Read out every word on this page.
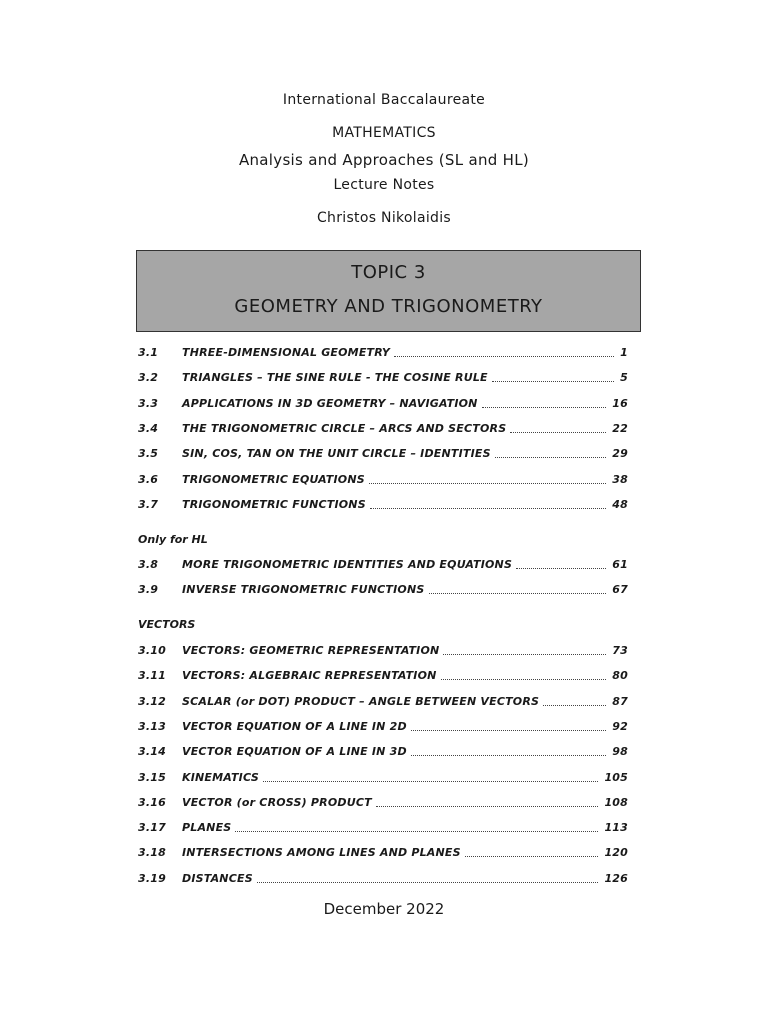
International Baccalaureate
MATHEMATICS
Analysis and Approaches (SL and HL)
Lecture Notes
Christos Nikolaidis
TOPIC 3
GEOMETRY AND TRIGONOMETRY
3.1 THREE-DIMENSIONAL GEOMETRY	1
3.2 TRIANGLES – THE SINE RULE - THE COSINE RULE	5
3.3 APPLICATIONS IN 3D GEOMETRY – NAVIGATION	16
3.4 THE TRIGONOMETRIC CIRCLE – ARCS AND SECTORS	22
3.5 SIN, COS, TAN ON THE UNIT CIRCLE – IDENTITIES	29
3.6 TRIGONOMETRIC EQUATIONS	38
3.7 TRIGONOMETRIC FUNCTIONS	48
Only for HL
3.8 MORE TRIGONOMETRIC IDENTITIES AND EQUATIONS	61
3.9 INVERSE TRIGONOMETRIC FUNCTIONS	67
VECTORS
3.10 VECTORS: GEOMETRIC REPRESENTATION	73
3.11 VECTORS: ALGEBRAIC REPRESENTATION	80
3.12 SCALAR (or DOT) PRODUCT – ANGLE BETWEEN VECTORS	87
3.13 VECTOR EQUATION OF A LINE IN 2D	92
3.14 VECTOR EQUATION OF A LINE IN 3D	98
3.15 KINEMATICS	105
3.16 VECTOR (or CROSS) PRODUCT	108
3.17 PLANES	113
3.18 INTERSECTIONS AMONG LINES AND PLANES	120
3.19 DISTANCES	126
December 2022
